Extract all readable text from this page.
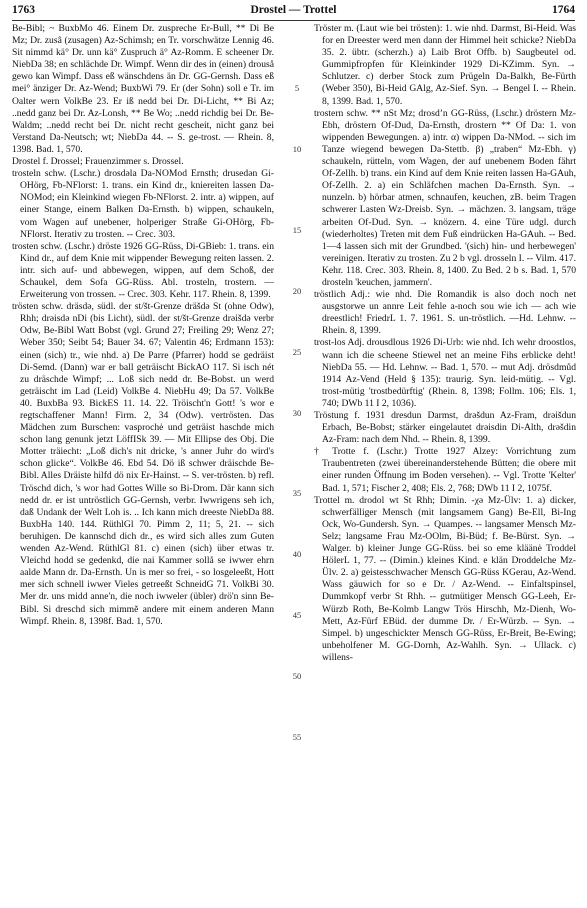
1763	Drostel — Trottel	1764

Be-Bibl; ~ BuxbMo 46. Einem Dr. zuspreche Er-Bull, ** Di Be Mz; Dr. zusâ (zusagen) Az-Schimsh; en Tr. vorschwätze Lennig 46. Sit nimmd kä° Dr. unn kä° Zuspruch ä° Az-Romm. E scheener Dr. NiebDa 38; en schlächde Dr. Wimpf. Wenn dir des in (einen) drouså gewo kan Wimpf. Dass eß wänschdens än Dr. GG-Gernsh. Dass eß mei° änziger Dr. Az-Wend; BuxbWi 79. Er (der Sohn) soll e Tr. im Oalter wern VolkBe 23. Er iß nedd bei Dr. Di-Licht, ** Bi Az; ..nedd ganz bei Dr. Az-Lonsh, ** Be Wo; ..nedd richdig bei Dr. Be-Waldm; ..nedd recht bei Dr. nicht recht gescheit, nicht ganz bei Verstand Da-Neutsch; wt; NiebDa 44. -- S. ge-trost. — Rhein. 8, 1398. Bad. 1, 570.

Drostel f. Drossel; Frauenzimmer s. Drossel.

trosteln schw. (Lschr.) drosdəla Da-NOMod Ernsth; drusedən Gi-OHörg, Fb-NFlorst: 1. trans. ein Kind dr., kniereiten lassen Da-NOMod; ein Kleinkind wiegen Fb-NFlorst. 2. intr. a) wippen, auf einer Stange, einem Balken Da-Ernsth. b) wippen, schaukeln, vom Wagen auf unebener, holperiger Straße Gi-OHörg, Fb-NFlorst. Iterativ zu trosten. -- Crec. 303.

trosten schw. (Lschr.) dröste 1926 GG-Rüss, Di-GBieb: 1. trans. ein Kind dr., auf dem Knie mit wippender Bewegung reiten lassen. 2. intr. sich auf- und abbewegen, wippen, auf dem Schoß, der Schaukel, dem Sofa GG-Rüss. Abl. trosteln, trostern. — Erweiterung von trossen. -- Crec. 303. Kehr. 117. Rhein. 8, 1399.

trösten schw. dräsdə, südl. der st/št-Grenze dräšdə St (ohne Odw), Rhh; drəisdə nDi (bis Licht), südl. der st/št-Grenze drəišdə verbr Odw, Be-Bibl Watt Bobst (vgl. Grund 27; Freiling 29; Wenz 27; Weber 350; Seibt 54; Bauer 34. 67; Valentin 46; Erdmann 153): einen (sich) tr., wie nhd. a) De Parre (Pfarrer) hodd se gedräist Di-Semd. (Dann) war er ball geträischt BickAO 117. Si isch nét zu dräschde Wimpf; ... Loß sich nedd dr. Be-Bobst. un werd geträischt im Lad (Leid) VolkBe 4. NiebHu 49; Da 57. VolkBe 40. BuxbBa 93. BickES 11. 14. 22. Tröischt'n Gott! 's wor e regtschaffener Mann! Firm. 2, 34 (Odw). vertrösten. Das Mädchen zum Burschen: vasprochė und geträist haschde mich schon lang genunk jetzt LöffISk 39. — Mit Ellipse des Obj. Die Motter träiecht: „Loß dich's nit dricke, 's anner Juhr do wird's schon glicke“. VolkBe 46. Ebd 54. Dö iß schwer dräischde Be-Bibl. Alles Dräiste hilfd dö nix Er-Hainst. -- S. ver-trösten. b) refl. Tröschd dich, 's wor had Gottes Wille so Bi-Drom. Där kann sich nedd dr. er ist untröstlich GG-Gernsh, verbr. Iwwrigens seh ich, daß Undank der Welt Loh is. .. Ich kann mich dreeste NiebDa 88. BuxbHa 140. 144. RüthlGl 70. Pimm 2, 11; 5, 21. -- sich beruhigen. De kannschd dich dr., es wird sich alles zum Guten wenden Az-Wend. RüthlGl 81. c) einen (sich) über etwas tr. Vleichd hodd se gedenkd, die nai Kammer sollå se iwwer ehrn aalde Mann dr. Da-Ernsth. Un is mer so frei, - so losgeleeßt, Hott mer sich schnell iwwer Vieles getreeßt SchneidG 71. VolkBi 30. Mer dr. uns midd anne'n, die noch iwweler (übler) drö'n sinn Be-Bibl. Si dreschd sich mimmě andere mit einem anderen Mann Wimpf. Rhein. 8, 1398f. Bad. 1, 570.

5
10
15
20
25
30
35
40
45
50
55

Tröster m. (Laut wie bei trösten): 1. wie nhd. Darmst, Bi-Heid. Was for en Dreester werd men dann der Himmel heit schicke? NiebDa 35. 2. übtr. (scherzh.) a) Laib Brot Offb. b) Saugbeutel od. Gummipfropfen für Kleinkinder 1929 Di-KZimm. Syn. → Schlutzer. c) derber Stock zum Prügeln Da-Balkh, Be-Fürth (Weber 350), Bi-Heid GAlg, Az-Sief. Syn. → Bengel I. -- Rhein. 8, 1399. Bad. 1, 570.

trostern schw. ** nSt Mz; drosdʼn GG-Rüss, (Lschr.) dröstern Mz-Ebh, dröstern Of-Dud, Da-Ernsth, drostern ** Of Da: 1. von wippenden Bewegungen. a) intr. α) wippen Da-NMod. -- sich im Tanze wiegend bewegen Da-Stettb. β) „traben“ Mz-Ebh. γ) schaukeln, rütteln, vom Wagen, der auf unebenem Boden fährt Of-Zellh. b) trans. ein Kind auf dem Knie reiten lassen Ha-GAuh, Of-Zellh. 2. a) ein Schläfchen machen Da-Ernsth. Syn. → nunzeln. b) hörbar atmen, schnaufen, keuchen, zB. beim Tragen schwerer Lasten Wz-Dreisb. Syn. → mächzen. 3. langsam, träge arbeiten Of-Dud. Syn. → knözern. 4. eine Türe udgl. durch (wiederholtes) Treten mit dem Fuß eindrücken Ha-GAuh. -- Bed. 1—4 lassen sich mit der Grundbed. '(sich) hin- und herbewegen' vereinigen. Iterativ zu trosten. Zu 2 b vgl. drosseln I. -- Vilm. 417. Kehr. 118. Crec. 303. Rhein. 8, 1400. Zu Bed. 2 b s. Bad. 1, 570 drosteln 'keuchen, jammern'.

tröstlich Adj.: wie nhd. Die Romandik is also doch noch net ausgstorwe un annre Leit fehle a-noch sou wie ich — ach wie dreestlich! FriedrL 1. 7. 1961. S. un-tröstlich. —Hd. Lehnw. -- Rhein. 8, 1399.

trost-los Adj. drousdlous 1926 Di-Urb: wie nhd. Ich wehr droostlos, wann ich die scheene Stiewel net an meine Fihs erblicke deht! NiebDa 55. — Hd. Lehnw. -- Bad. 1, 570. -- mut Adj. drösdmůd 1914 Az-Vend (Held § 135): traurig. Syn. leid-mütig. -- Vgl. trost-mütig 'trostbedürftig' (Rhein. 8, 1398; Follm. 106; Els. 1, 740; DWb 11 I 2, 1036).

Tröstung f. 1931 dresdun Darmst, drəšdun Az-Fram, drəišdun Erbach, Be-Bobst; stärker eingelautet drəisdin Di-Alth, drəšdin Az-Fram: nach dem Nhd. -- Rhein. 8, 1399.

† Trotte f. (Lschr.) Trotte 1927 Alzey: Vorrichtung zum Traubentreten (zwei übereinanderstehende Bütten; die obere mit einer runden Öffnung im Boden versehen). -- Vgl. Trotte 'Kelter' Bad. 1, 571; Fischer 2, 408; Els. 2, 768; DWb 11 I 2, 1075f.

Trottel m. drodol wt St Rhh; Dimin. -χə Mz-Ülv: 1. a) dicker, schwerfälliger Mensch (mit langsamem Gang) Be-Ell, Bi-Ing Ock, Wo-Gundersh. Syn. → Quampes. -- langsamer Mensch Mz-Selz; langsame Frau Mz-OOlm, Bi-Büd; f. Be-Bürst. Syn. → Walger. b) kleiner Junge GG-Rüss. bei so eme kläänė Troddel HölerL 1, 77. -- (Dimin.) kleines Kind. e klän Droddelche Mz-Ülv. 2. a) geistesschwacher Mensch GG-Rüss KGerau, Az-Wend. Wass gäuwich for so e Dr. / Az-Wend. -- Einfaltspinsel, Dummkopf verbr St Rhh. -- gutmütiger Mensch GG-Leeh, Er-Würzb Roth, Be-Kolmb Langw Trös Hirschh, Mz-Dienh, Wo-Mett, Az-Fürf EBüd. der dumme Dr. / Er-Würzb. -- Syn. → Simpel. b) ungeschickter Mensch GG-Rüss, Er-Breit, Be-Ewing; unbeholfener M. GG-Dornh, Az-Wahlh. Syn. → Ullack. c) willens-
